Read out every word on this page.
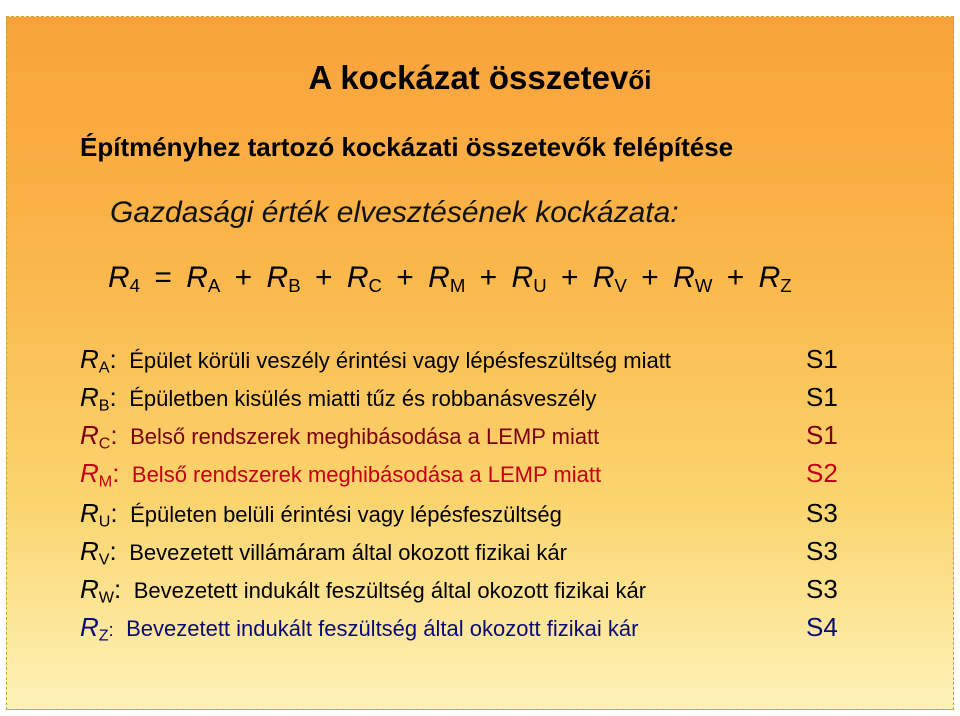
A kockázat összetevői
Építményhez tartozó kockázati összetevők felépítése
Gazdasági érték elvesztésének kockázata:
$R_4 = R_A + R_B + R_C + R_M + R_U + R_V + R_W + R_Z$
$R_A$: Épület körüli veszély érintési vagy lépésfeszültség miatt	S1
$R_B$: Épületben kisülés miatti tűz és robbanásveszély	S1
$R_C$: Belső rendszerek meghibásodása a LEMP miatt	S1
$R_M$: Belső rendszerek meghibásodása a LEMP miatt	S2
$R_U$: Épületen belüli érintési vagy lépésfeszültség	S3
$R_V$: Bevezetett villámáram által okozott fizikai kár	S3
$R_W$: Bevezetett indukált feszültség által okozott fizikai kár	S3
$R_Z$: Bevezetett indukált feszültség által okozott fizikai kár	S4
